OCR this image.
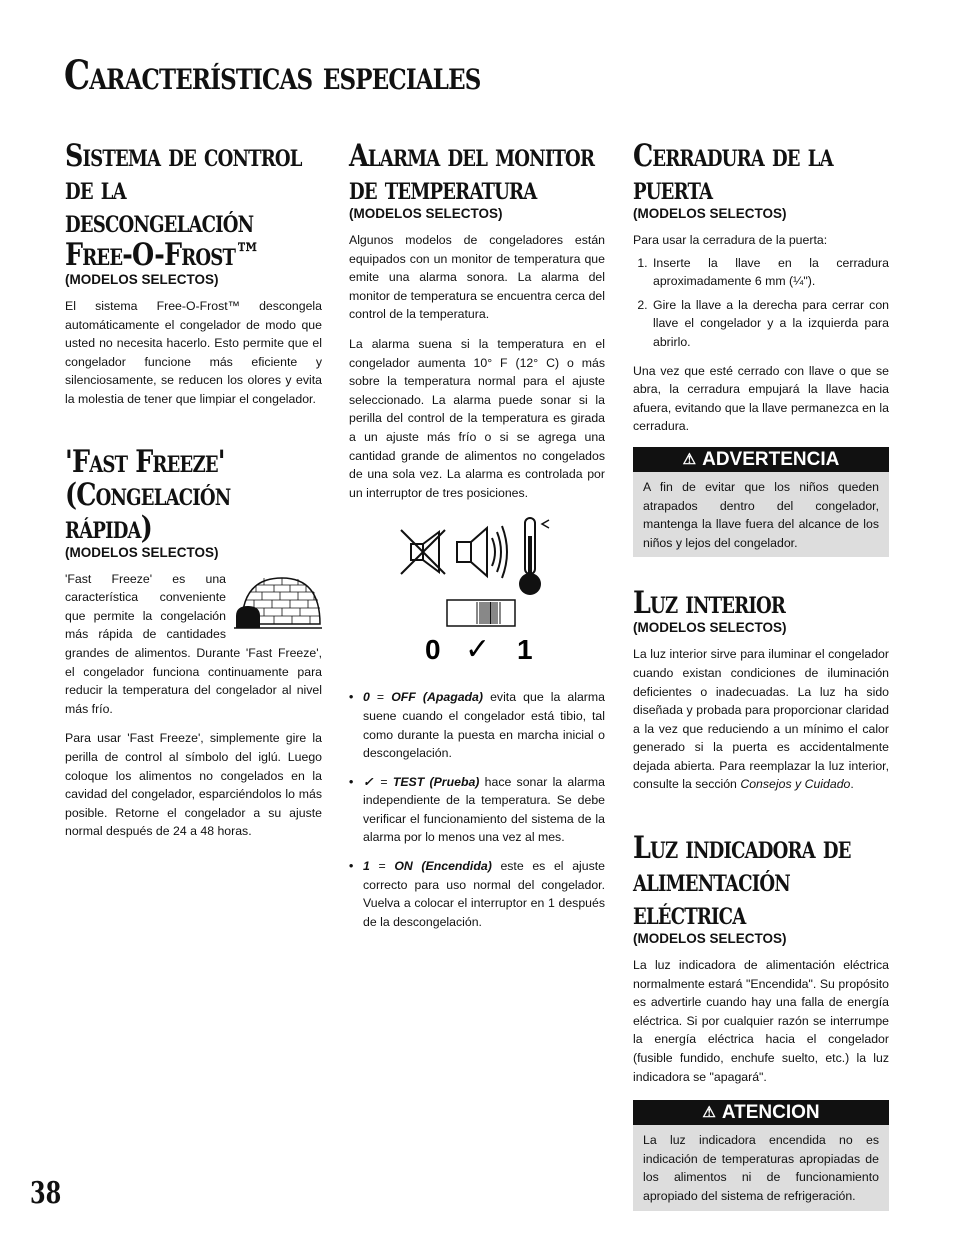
Características especiales
Sistema de control de la descongelación Free-O-Frost™
(MODELOS SELECTOS)

El sistema Free-O-Frost™ descongela automáticamente el congelador de modo que usted no necesita hacerlo. Esto permite que el congelador funcione más eficiente y silenciosamente, se reducen los olores y evita la molestia de tener que limpiar el congelador.

'Fast Freeze' (Congelación rápida)
(MODELOS SELECTOS)

'Fast Freeze' es una característica conveniente que permite la congelación más rápida de cantidades grandes de alimentos. Durante 'Fast Freeze', el congelador funciona continuamente para reducir la temperatura del congelador al nivel más frío.

Para usar 'Fast Freeze', simplemente gire la perilla de control al símbolo del iglú. Luego coloque los alimentos no congelados en la cavidad del congelador, esparciéndolos lo más posible. Retorne el congelador a su ajuste normal después de 24 a 48 horas.

Alarma del monitor de temperatura
(MODELOS SELECTOS)

Algunos modelos de congeladores están equipados con un monitor de temperatura que emite una alarma sonora. La alarma del monitor de temperatura se encuentra cerca del control de la temperatura.

La alarma suena si la temperatura en el congelador aumenta 10° F (12° C) o más sobre la temperatura normal para el ajuste seleccionado. La alarma puede sonar si la perilla del control de la temperatura es girada a un ajuste más frío o si se agrega una cantidad grande de alimentos no congelados de una sola vez. La alarma es controlada por un interruptor de tres posiciones.

0 ✓ 1
• 0 = OFF (Apagada) evita que la alarma suene cuando el congelador está tibio, tal como durante la puesta en marcha inicial o descongelación.
• ✓ = TEST (Prueba) hace sonar la alarma independiente de la temperatura. Se debe verificar el funcionamiento del sistema de la alarma por lo menos una vez al mes.
• 1 = ON (Encendida) este es el ajuste correcto para uso normal del congelador. Vuelva a colocar el interruptor en 1 después de la descongelación.
Cerradura de la puerta
(MODELOS SELECTOS)

Para usar la cerradura de la puerta:

1. Inserte la llave en la cerradura aproximadamente 6 mm (¼").
2. Gire la llave a la derecha para cerrar con llave el congelador y a la izquierda para abrirlo.

Una vez que esté cerrado con llave o que se abra, la cerradura empujará la llave hacia afuera, evitando que la llave permanezca en la cerradura.

⚠ ADVERTENCIA
A fin de evitar que los niños queden atrapados dentro del congelador, mantenga la llave fuera del alcance de los niños y lejos del congelador.
Luz interior
(MODELOS SELECTOS)

La luz interior sirve para iluminar el congelador cuando existan condiciones de iluminación deficientes o inadecuadas. La luz ha sido diseñada y probada para proporcionar claridad a la vez que reduciendo a un mínimo el calor generado si la puerta es accidentalmente dejada abierta. Para reemplazar la luz interior, consulte la sección Consejos y Cuidado.

Luz indicadora de alimentación eléctrica
(MODELOS SELECTOS)

La luz indicadora de alimentación eléctrica normalmente estará "Encendida". Su propósito es advertirle cuando hay una falla de energía eléctrica. Si por cualquier razón se interrumpe la energía eléctrica hacia el congelador (fusible fundido, enchufe suelto, etc.) la luz indicadora se "apagará".

⚠ ATENCION
La luz indicadora encendida no es indicación de temperaturas apropiadas de los alimentos ni de funcionamiento apropiado del sistema de refrigeración.
38
